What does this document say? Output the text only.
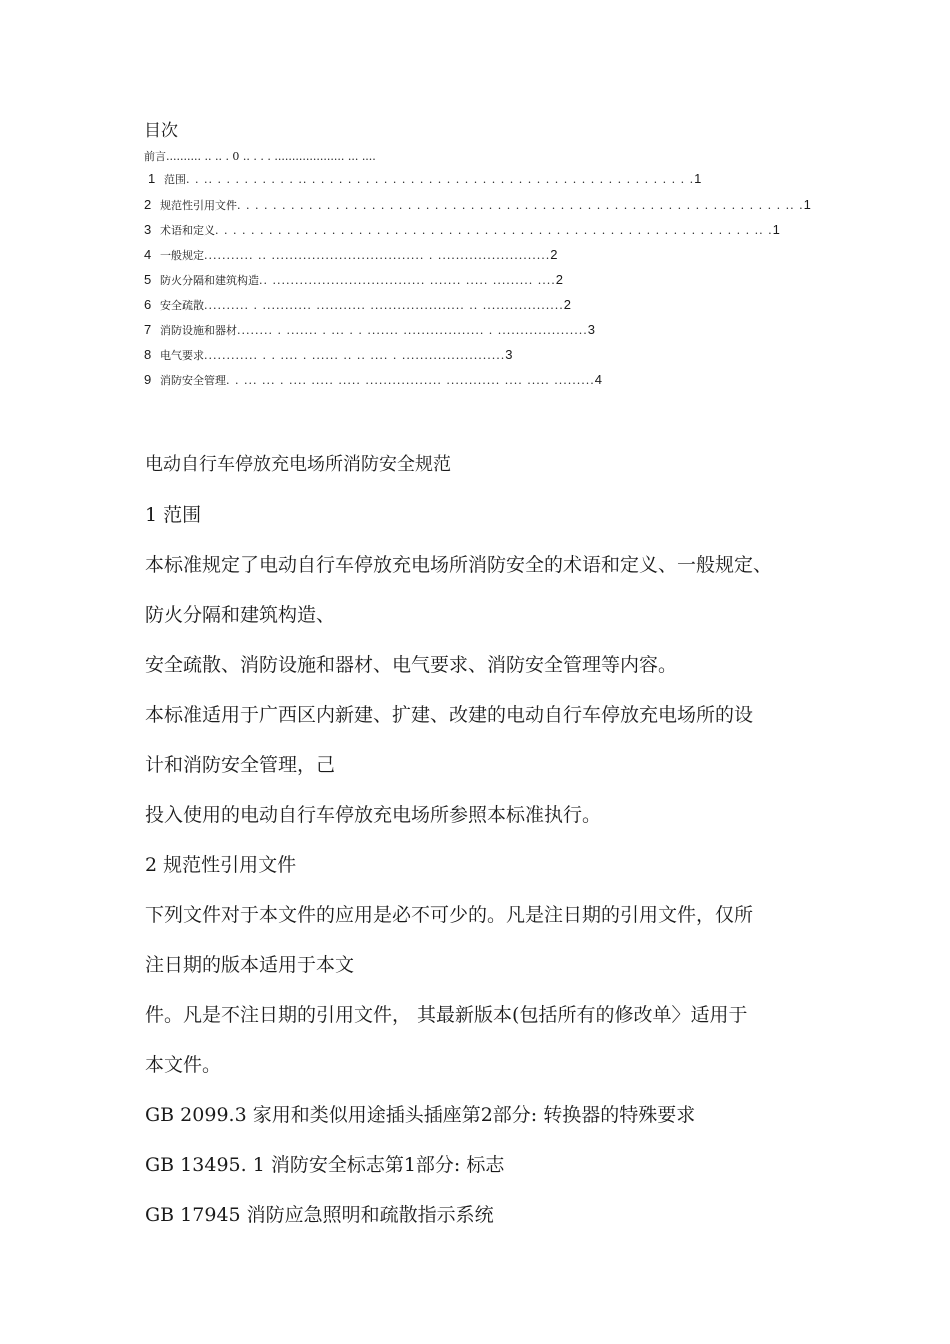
目次
前言.......... .. .. . 0 .. . . . .................... ... ....
1 范围. . .. . . . . . . . . . .. . . . . . . . . . . . . . . . . . . . . . . . . . . . . . . . . . . . . . . . . . . .1
2 规范性引用文件. . . . . . . . . . . . . . . . . . . . . . . . . . . . . . . . . . . . . . . . . . . . . . . . . . . . . . . . . . . . . .. .1
3 术语和定义. . . . . . . . . . . . . . . . . . . . . . . . . . . . . . . . . . . . . . . . . . . . . . . . . . . . . . . . . . . . .. .1
4 一般规定........... .. .................................. . .........................2
5 防火分隔和建筑构造.. .................................. ....... ..... ......... ....2
6 安全疏散.......... . ........... ........... ..................... .. ..................2
7 消防设施和器材........ . ....... . ... . . ....... .................. . ....................3
8 电气要求............ . . .... . ...... .. .. .... . .......................3
9 消防安全管理. . ... ... . .... ..... ..... ................. ............ .... ..... .........4
电动自行车停放充电场所消防安全规范
1 范围
本标准规定了电动自行车停放充电场所消防安全的术语和定义、一般规定、
防火分隔和建筑构造、
安全疏散、消防设施和器材、电气要求、消防安全管理等内容。
本标准适用于广西区内新建、扩建、改建的电动自行车停放充电场所的设
计和消防安全管理，己
投入使用的电动自行车停放充电场所参照本标准执行。
2 规范性引用文件
下列文件对于本文件的应用是必不可少的。凡是注日期的引用文件，仅所
注日期的版本适用于本文
件。凡是不注日期的引用文件， 其最新版本(包括所有的修改单〉适用于
本文件。
GB 2099.3 家用和类似用途插头插座第2部分: 转换器的特殊要求
GB 13495. 1 消防安全标志第1部分: 标志
GB 17945 消防应急照明和疏散指示系统
